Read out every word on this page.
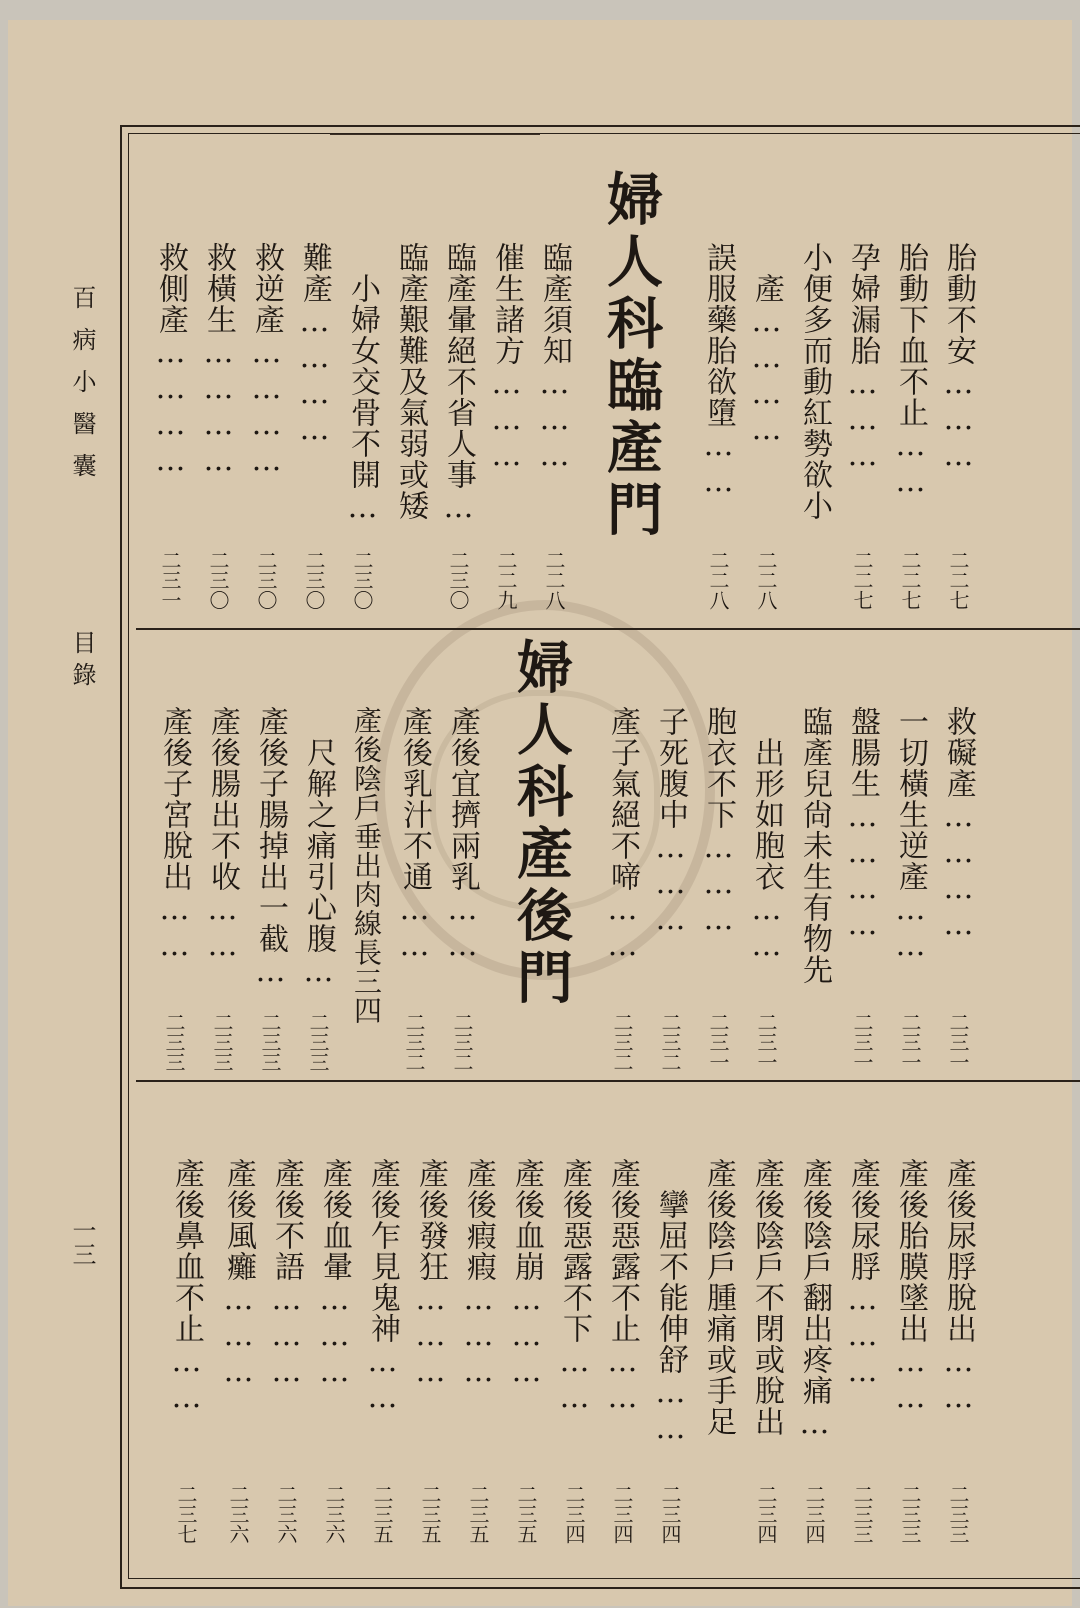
百病小醫囊
目錄
一三
婦人科臨產門	胎動不安………
胎動下血不止……
孕婦漏胎………
小便多而動紅勢欲小
　產…………
誤服藥胎欲墮……
臨產須知………
催生諸方………
臨產暈絕不省人事…
臨產艱難及氣弱或矮
　小婦女交骨不開…
難產…………
救逆產…………
救橫生…………
救側產…………
二二七
二二七
二二七
二二八
二二八
二二八
二二九
二三〇
二三〇
二三〇
二三〇
二三〇
二三一
婦人科產後門	救礙產…………
一切橫生逆產……
盤腸生…………
臨產兒尙未生有物先
　出形如胞衣……
胞衣不下………
子死腹中………
產子氣絕不啼……
產後宜擠兩乳……
產後乳汁不通……
產後陰戶垂出肉線長三四
　尺解之痛引心腹…
產後子腸掉出一截…
產後腸出不收……
產後子宮脫出……
二三一
二三一
二三一
二三一
二三一
二三二
二三二
二三二
二三二
二三三
二三三
二三三
二三三
產後尿脬脫出……
產後胎膜墜出……
產後尿脬………
產後陰戶翻出疼痛…
產後陰戶不閉或脫出
產後陰戶腫痛或手足
　攣屈不能伸舒……
產後惡露不止……
產後惡露不下……
產後血崩………
產後瘕瘕………
產後發狂………
產後乍見鬼神……
產後血暈………
產後不語………
產後風癱………
產後鼻血不止……
二三三
二三三
二三三
二三四
二三四
二三四
二三四
二三四
二三五
二三五
二三五
二三五
二三六
二三六
二三六
二三七
